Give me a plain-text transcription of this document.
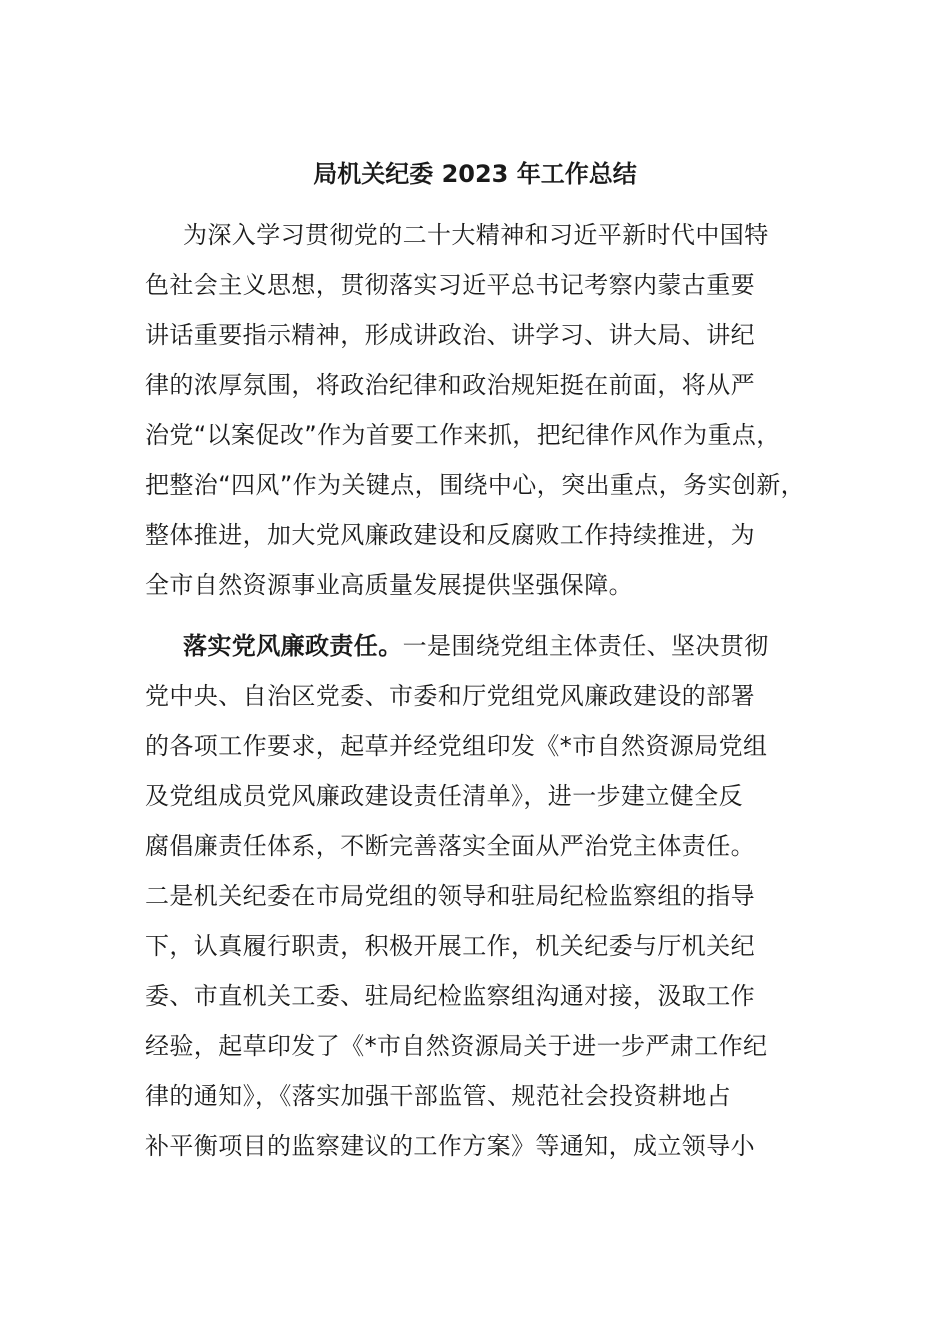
局机关纪委 2023 年工作总结
为深入学习贯彻党的二十大精神和习近平新时代中国特
色社会主义思想，贯彻落实习近平总书记考察内蒙古重要
讲话重要指示精神，形成讲政治、讲学习、讲大局、讲纪
律的浓厚氛围，将政治纪律和政治规矩挺在前面，将从严
治党“以案促改”作为首要工作来抓，把纪律作风作为重点，
把整治“四风”作为关键点，围绕中心，突出重点，务实创新，
整体推进，加大党风廉政建设和反腐败工作持续推进，为
全市自然资源事业高质量发展提供坚强保障。
落实党风廉政责任。一是围绕党组主体责任、坚决贯彻
党中央、自治区党委、市委和厅党组党风廉政建设的部署
的各项工作要求，起草并经党组印发《*市自然资源局党组
及党组成员党风廉政建设责任清单》，进一步建立健全反
腐倡廉责任体系，不断完善落实全面从严治党主体责任。
二是机关纪委在市局党组的领导和驻局纪检监察组的指导
下，认真履行职责，积极开展工作，机关纪委与厅机关纪
委、市直机关工委、驻局纪检监察组沟通对接，汲取工作
经验，起草印发了《*市自然资源局关于进一步严肃工作纪
律的通知》，《落实加强干部监管、规范社会投资耕地占
补平衡项目的监察建议的工作方案》等通知，成立领导小
